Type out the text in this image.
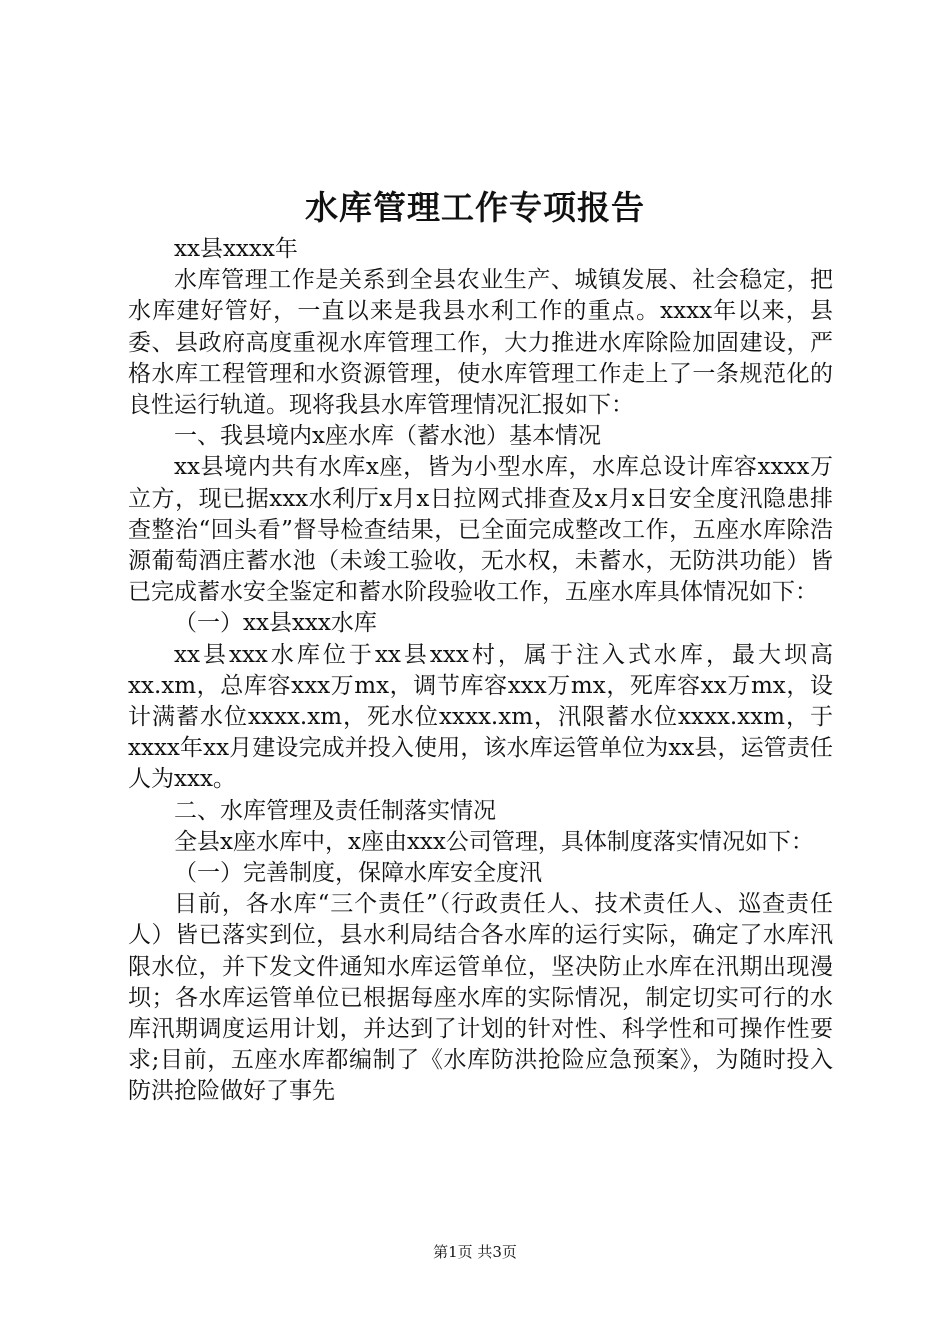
水库管理工作专项报告

xx县xxxx年

水库管理工作是关系到全县农业生产、城镇发展、社会稳定，把水库建好管好，一直以来是我县水利工作的重点。xxxx年以来，县委、县政府高度重视水库管理工作，大力推进水库除险加固建设，严格水库工程管理和水资源管理，使水库管理工作走上了一条规范化的良性运行轨道。现将我县水库管理情况汇报如下：

一、我县境内x座水库（蓄水池）基本情况

xx县境内共有水库x座，皆为小型水库，水库总设计库容xxxx万立方，现已据xxx水利厅x月x日拉网式排查及x月x日安全度汛隐患排查整治“回头看”督导检查结果，已全面完成整改工作，五座水库除浩源葡萄酒庄蓄水池（未竣工验收，无水权，未蓄水，无防洪功能）皆已完成蓄水安全鉴定和蓄水阶段验收工作，五座水库具体情况如下：

（一）xx县xxx水库

xx县xxx水库位于xx县xxx村，属于注入式水库，最大坝高xx.xm，总库容xxx万mx，调节库容xxx万mx，死库容xx万mx，设计满蓄水位xxxx.xm，死水位xxxx.xm，汛限蓄水位xxxx.xxm，于xxxx年xx月建设完成并投入使用，该水库运管单位为xx县，运管责任人为xxx。

二、水库管理及责任制落实情况

全县x座水库中，x座由xxx公司管理，具体制度落实情况如下：

（一）完善制度，保障水库安全度汛

目前，各水库“三个责任”（行政责任人、技术责任人、巡查责任人）皆已落实到位，县水利局结合各水库的运行实际，确定了水库汛限水位，并下发文件通知水库运管单位，坚决防止水库在汛期出现漫坝；各水库运管单位已根据每座水库的实际情况，制定切实可行的水库汛期调度运用计划，并达到了计划的针对性、科学性和可操作性要求;目前，五座水库都编制了《水库防洪抢险应急预案》，为随时投入防洪抢险做好了事先

第1页 共3页
